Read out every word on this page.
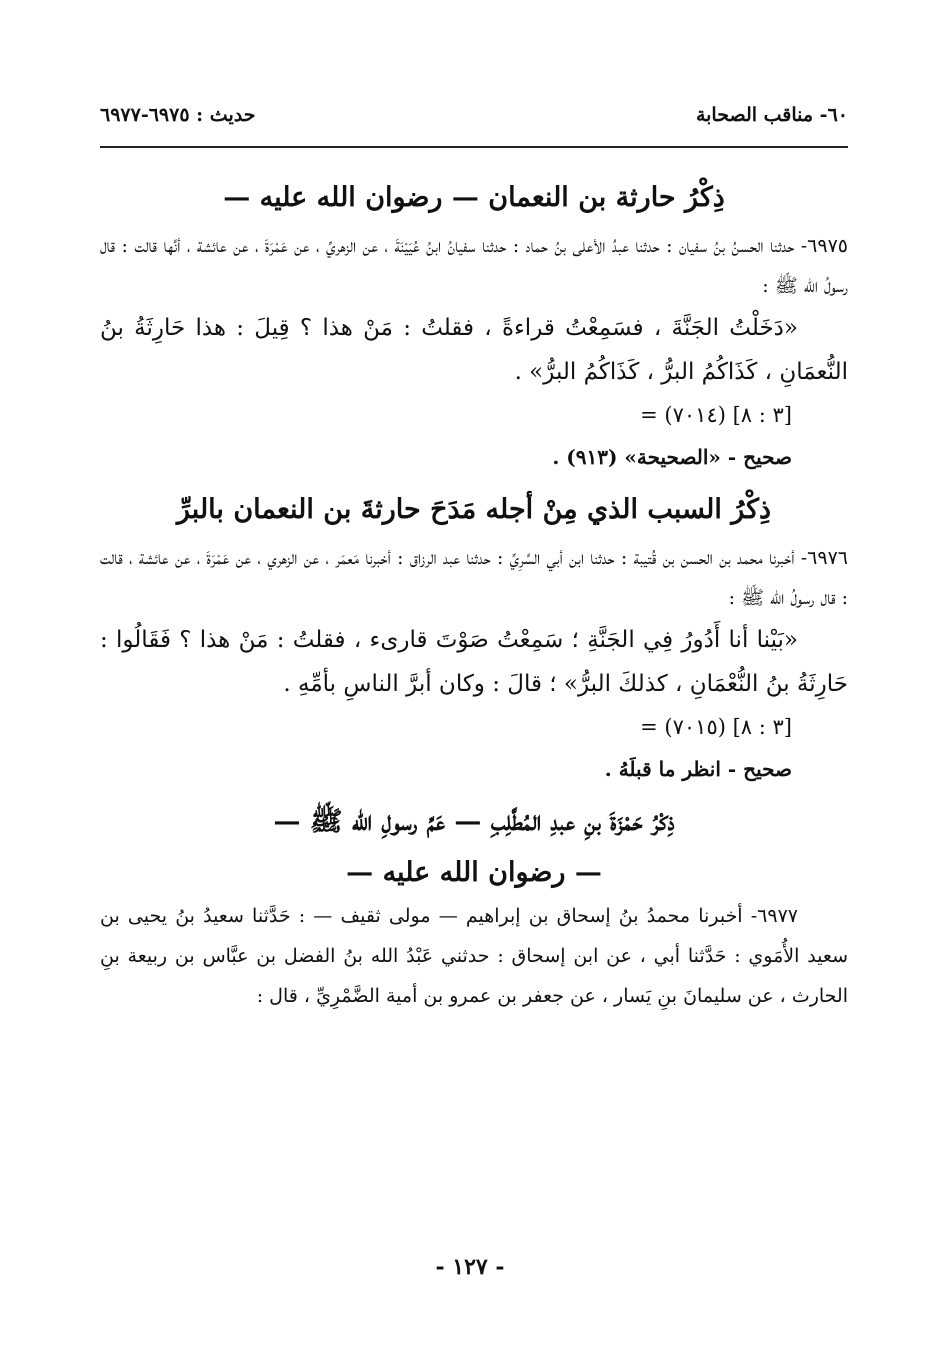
٦٠- مناقب الصحابة
حديث : ٦٩٧٥-٦٩٧٧
ذِكْرُ حارثة بن النعمان — رضوان الله عليه —

٦٩٧٥- حدثنا الحسنُ بنُ سفيان : حدثنا عبدُ الأعلى بنُ حماد : حدثنا سفيانُ ابنُ عُيَيْنَةَ ، عن الزهريِّ ، عن عَمْرَةَ ، عن عائشة ، أنَّها قالت : قال رسولُ الله ﷺ :

«دَخَلْتُ الجَنَّةَ ، فسَمِعْتُ قراءةً ، فقلتُ : مَنْ هذا ؟ قِيلَ : هذا حَارِثَةُ بنُ النُّعمَانِ ، كَذَاكُمُ البرُّ ، كَذَاكُمُ البرُّ» .

= (٧٠١٤) [٣ : ٨]

صحيح - «الصحيحة» (٩١٣) .

ذِكْرُ السبب الذي مِنْ أجله مَدَحَ حارثةَ بن النعمان بالبرِّ

٦٩٧٦- أخبرنا محمد بن الحسن بن قُتيبة : حدثنا ابن أبي السَّرِيِّ : حدثنا عبد الرزاق : أخبرنا مَعمَر ، عن الزهري ، عن عَمْرَةَ ، عن عائشة ، قالت : قال رسولُ الله ﷺ :

«بَيْنا أنا أَدُورُ فِي الجَنَّةِ ؛ سَمِعْتُ صَوْتَ قارىء ، فقلتُ : مَنْ هذا ؟ فَقَالُوا : حَارِثَةُ بنُ النُّعْمَانِ ، كذلكَ البرُّ» ؛ قالَ : وكان أبرَّ الناسِ بأمِّهِ .

= (٧٠١٥) [٣ : ٨]

صحيح - انظر ما قبلَهُ .

ذِكْرُ حَمْزَةَ بنِ عبدِ المُطَّلِبِ — عَمِّ رسولِ الله ﷺ —
— رضوان الله عليه —

٦٩٧٧- أخبرنا محمدُ بنُ إسحاق بن إبراهيم — مولى ثقيف — : حَدَّثنا سعيدُ بنُ يحيى بن سعيد الأُمَوي : حَدَّثنا أبي ، عن ابن إسحاق : حدثني عَبْدُ الله بنُ الفضل بن عبَّاس بن ربيعة بنِ الحارث ، عن سليمانَ بنِ يَسار ، عن جعفر بن عمرو بن أمية الضَّمْرِيِّ ، قال :

- ١٢٧ -
